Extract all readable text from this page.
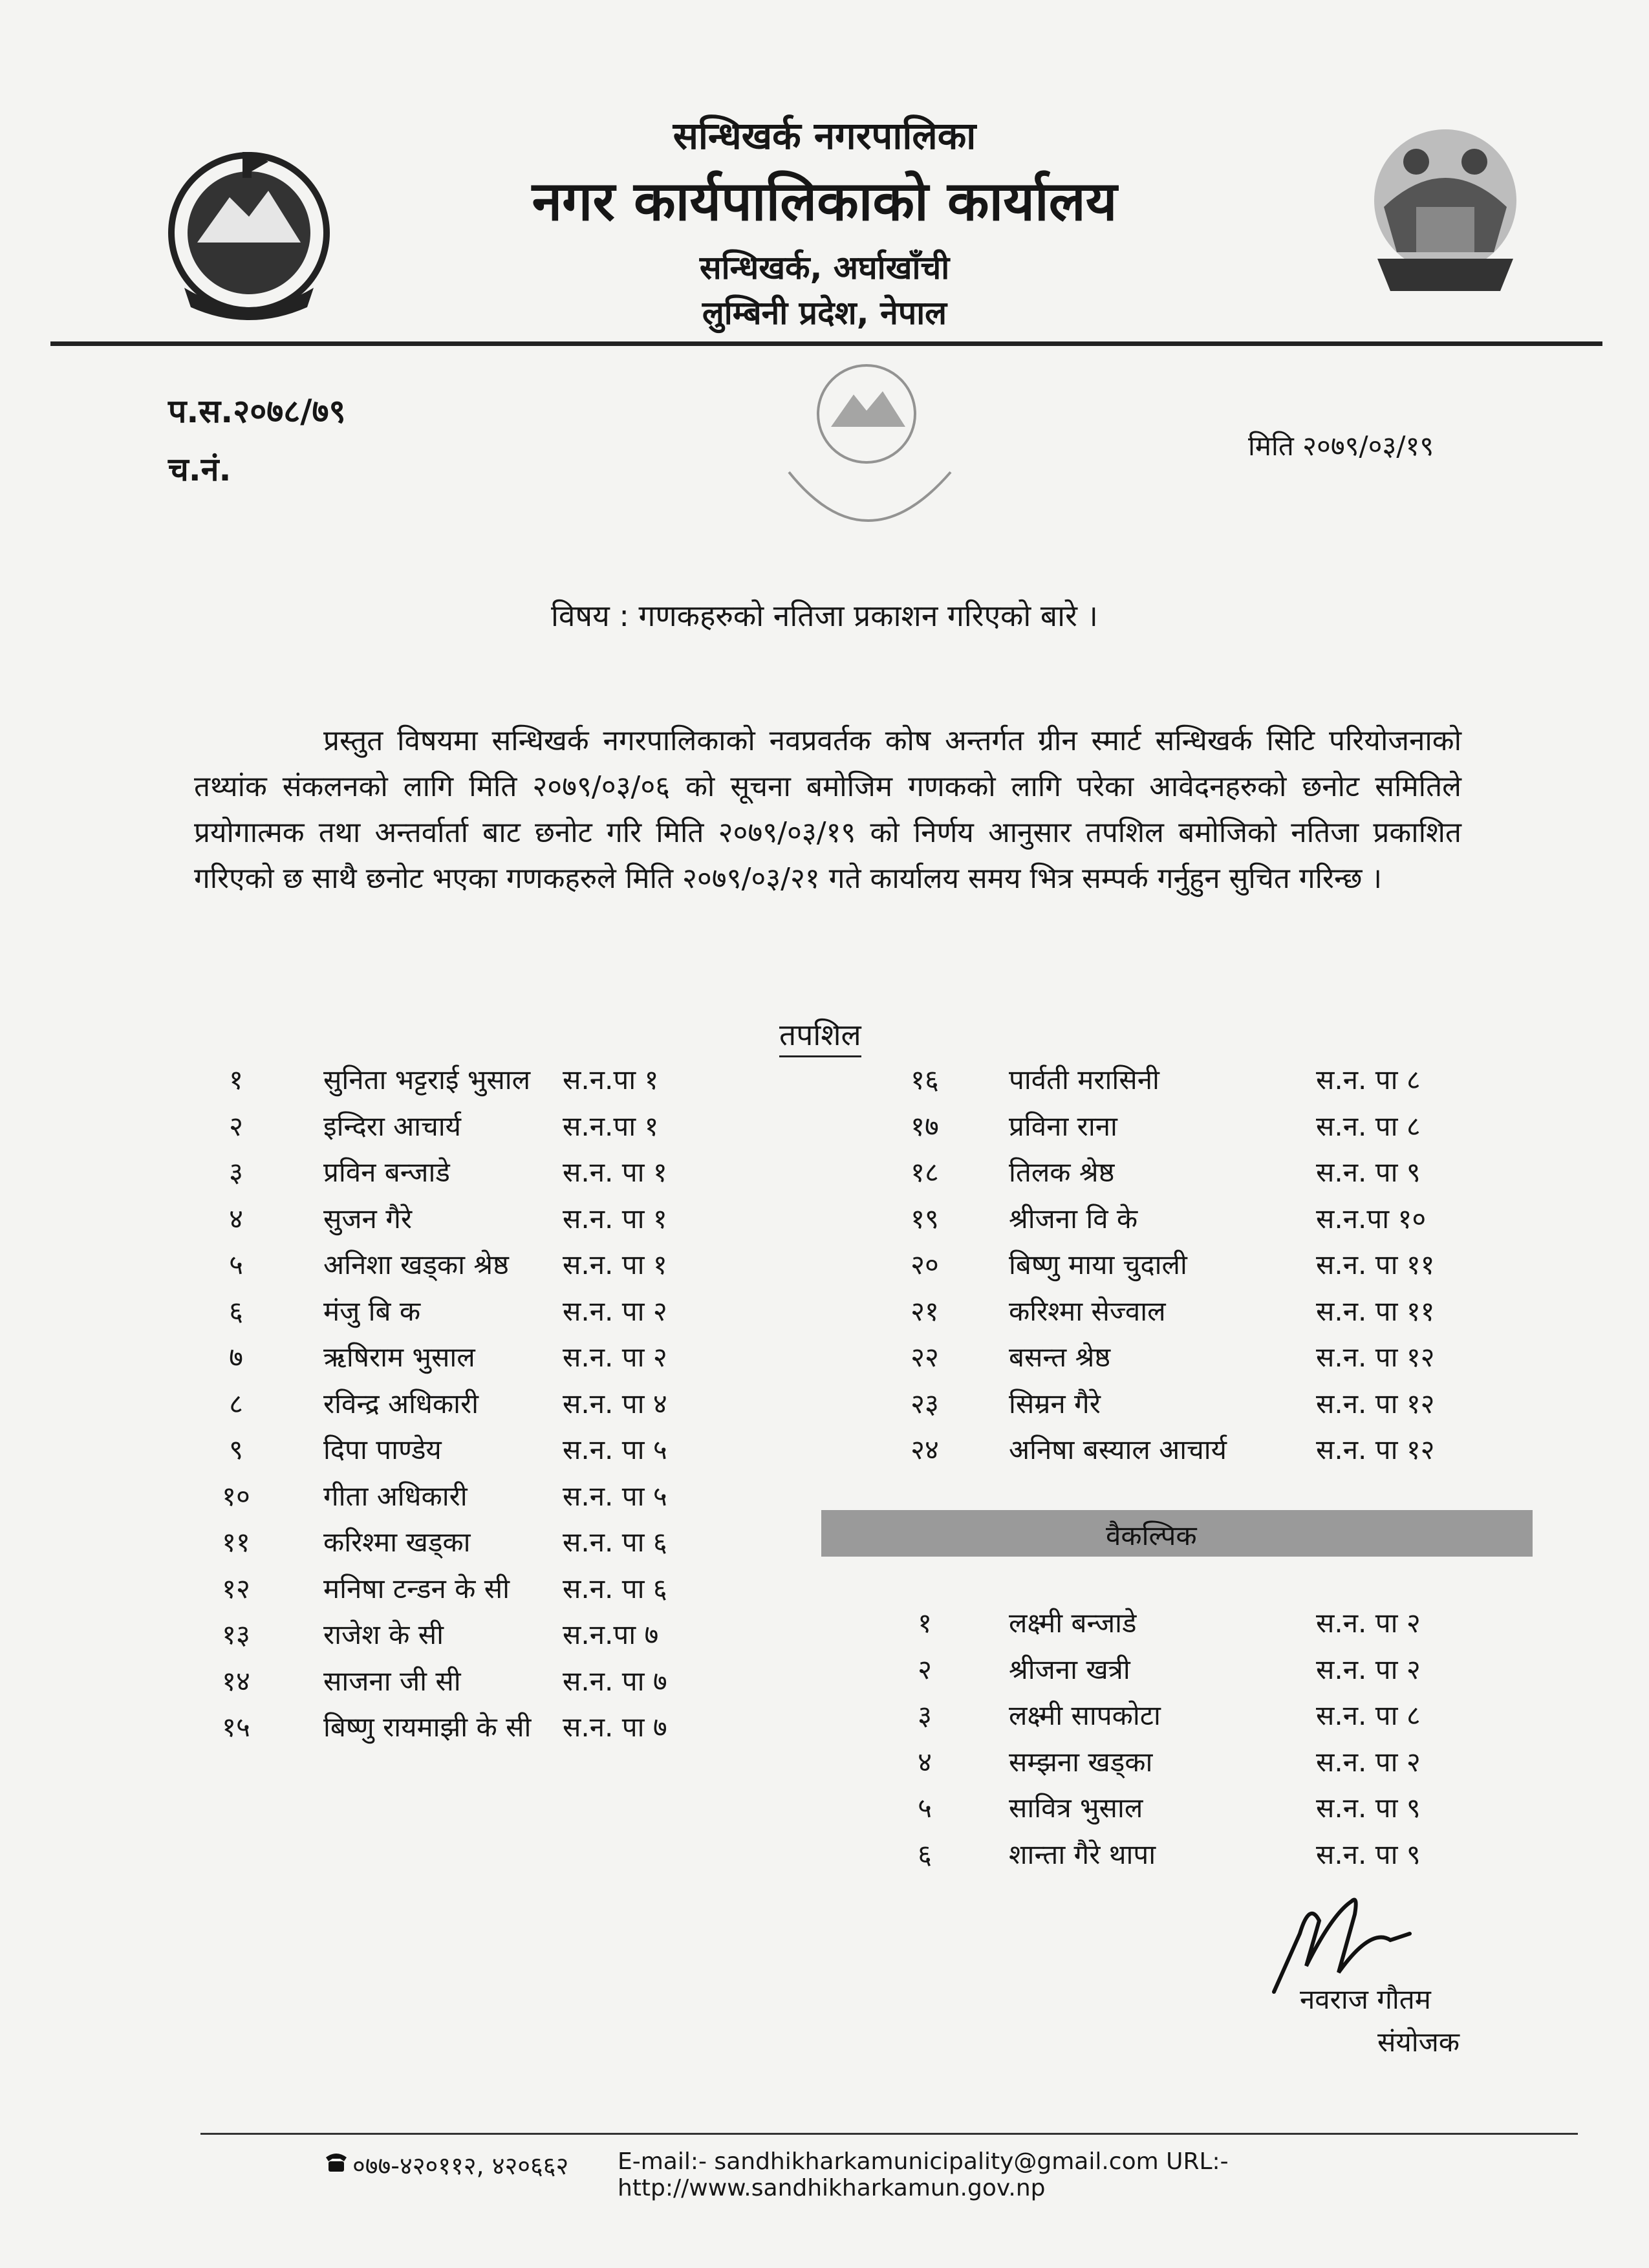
सन्धिखर्क नगरपालिका
नगर कार्यपालिकाको कार्यालय
सन्धिखर्क, अर्घाखाँची
लुम्बिनी प्रदेश, नेपाल
प.स.२०७८/७९
च.नं.
मिति २०७९/०३/१९
विषय : गणकहरुको नतिजा प्रकाशन गरिएको बारे ।
प्रस्तुत विषयमा सन्धिखर्क नगरपालिकाको नवप्रवर्तक कोष अन्तर्गत ग्रीन स्मार्ट सन्धिखर्क सिटि परियोजनाको तथ्यांक संकलनको लागि मिति २०७९/०३/०६ को सूचना बमोजिम गणकको लागि परेका आवेदनहरुको छनोट समितिले प्रयोगात्मक तथा अन्तर्वार्ता बाट छनोट गरि मिति २०७९/०३/१९ को निर्णय आनुसार तपशिल बमोजिको नतिजा प्रकाशित गरिएको छ साथै छनोट भएका गणकहरुले मिति २०७९/०३/२१ गते कार्यालय समय भित्र सम्पर्क गर्नुहुन सुचित गरिन्छ ।
तपशिल
१	सुनिता भट्टराई भुसाल स.न.पा १
२	इन्दिरा आचार्य	स.न.पा १
३	प्रविन बन्जाडे	स.न. पा १
४	सुजन गैरे	स.न. पा १
५	अनिशा खड्का श्रेष्ठ स.न. पा १
६	मंजु बि क	स.न. पा २
७	ऋषिराम भुसाल	स.न. पा २
८	रविन्द्र अधिकारी	स.न. पा ४
९	दिपा पाण्डेय	स.न. पा ५
१०	गीता अधिकारी	स.न. पा ५
११	करिश्मा खड्का	स.न. पा ६
१२	मनिषा टन्डन के सी स.न. पा ६
१३	राजेश के सी	स.न.पा ७
१४	साजना जी सी	स.न. पा ७
१५	बिष्णु रायमाझी के सी स.न. पा ७
१६	पार्वती मरासिनी	स.न. पा ८
१७	प्रविना राना	स.न. पा ८
१८	तिलक श्रेष्ठ	स.न. पा ९
१९	श्रीजना वि के	स.न.पा १०
२०	बिष्णु माया चुदाली	स.न. पा ११
२१	करिश्मा सेज्वाल	स.न. पा ११
२२	बसन्त श्रेष्ठ	स.न. पा १२
२३	सिम्रन गैरे	स.न. पा १२
२४	अनिषा बस्याल आचार्य	स.न. पा १२
वैकल्पिक
१	लक्ष्मी बन्जाडे	स.न. पा २
२	श्रीजना खत्री	स.न. पा २
३	लक्ष्मी सापकोटा	स.न. पा ८
४	सम्झना खड्का	स.न. पा २
५	सावित्र भुसाल	स.न. पा ९
६	शान्ता गैरे थापा	स.न. पा ९
नवराज गौतम
संयोजक
०७७-४२०११२, ४२०६६२ E-mail:- sandhikharkamunicipality@gmail.com URL:-http://www.sandhikharkamun.gov.np
